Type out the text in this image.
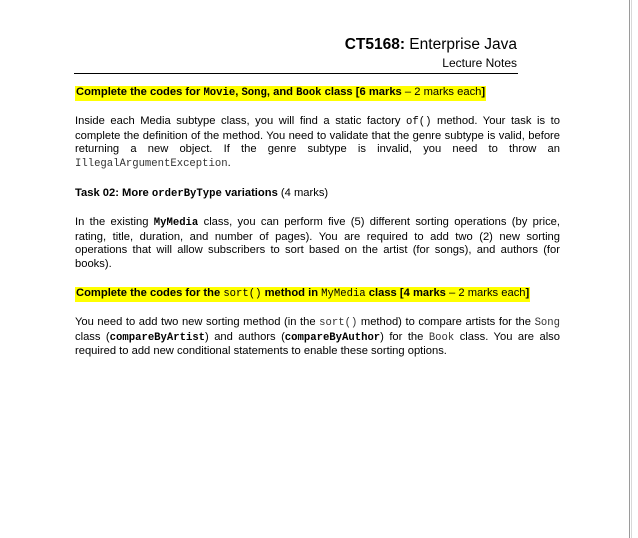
CT5168: Enterprise Java
Lecture Notes
Complete the codes for Movie, Song, and Book class [6 marks – 2 marks each]

Inside each Media subtype class, you will find a static factory of() method. Your task is to complete the definition of the method. You need to validate that the genre subtype is valid, before returning a new object. If the genre subtype is invalid, you need to throw an IllegalArgumentException.

Task 02: More orderByType variations (4 marks)

In the existing MyMedia class, you can perform five (5) different sorting operations (by price, rating, title, duration, and number of pages). You are required to add two (2) new sorting operations that will allow subscribers to sort based on the artist (for songs), and authors (for books).

Complete the codes for the sort() method in MyMedia class [4 marks – 2 marks each]

You need to add two new sorting method (in the sort() method) to compare artists for the Song class (compareByArtist) and authors (compareByAuthor) for the Book class. You are also required to add new conditional statements to enable these sorting options.
